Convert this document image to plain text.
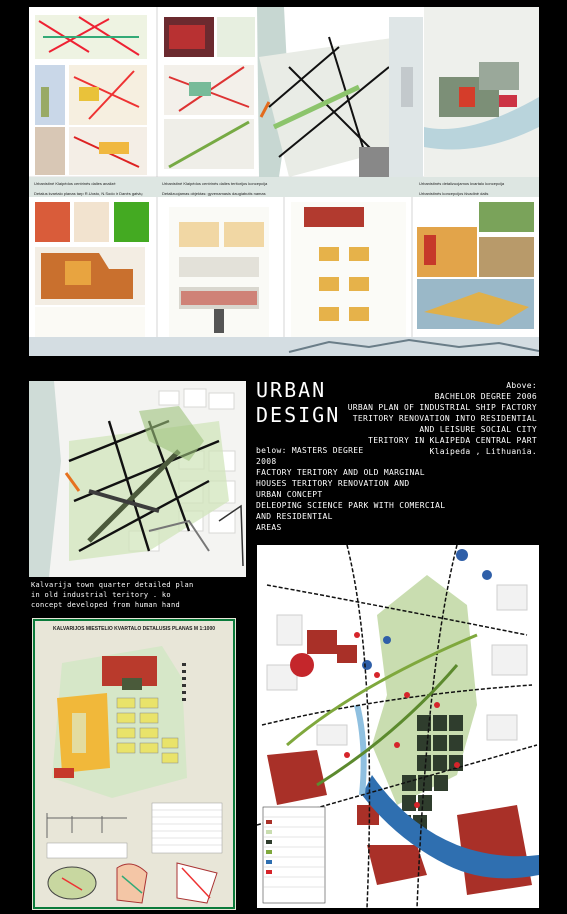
Urbanistinė Klaipėdos centrinės dalies analizė	Urbanistinė Klaipėdos centrinės dalies teritorijos koncepcija	Urbanistinės detalizuojamos kvartalo koncepcija
Detalus kvartalo planas tarp R.Uosto, N.Sodo ir Danės gatvių	Detalizuojamas objektas: gyvenamasis daugiabutis namas	Urbanistinės koncepcijos išvadinė dalis
URBAN
DESIGN
Above:
BACHELOR DEGREE 2006
URBAN PLAN OF INDUSTRIAL SHIP FACTORY
TERITORY RENOVATION INTO RESIDENTIAL
AND LEISURE SOCIAL CITY
TERITORY IN KLAIPEDA CENTRAL PART
Klaipeda , Lithuania.
below: MASTERS DEGREE
2008
FACTORY TERITORY AND OLD MARGINAL
HOUSES TERITORY RENOVATION AND
URBAN CONCEPT
DELEOPING SCIENCE PARK WITH COMERCIAL
AND RESIDENTIAL
AREAS
Kalvarija town quarter detailed plan
in old industrial teritory . ko
concept developed from human hand
KALVARIJOS MIESTELIO KVARTALO DETALUSIS PLANAS M 1:1000
